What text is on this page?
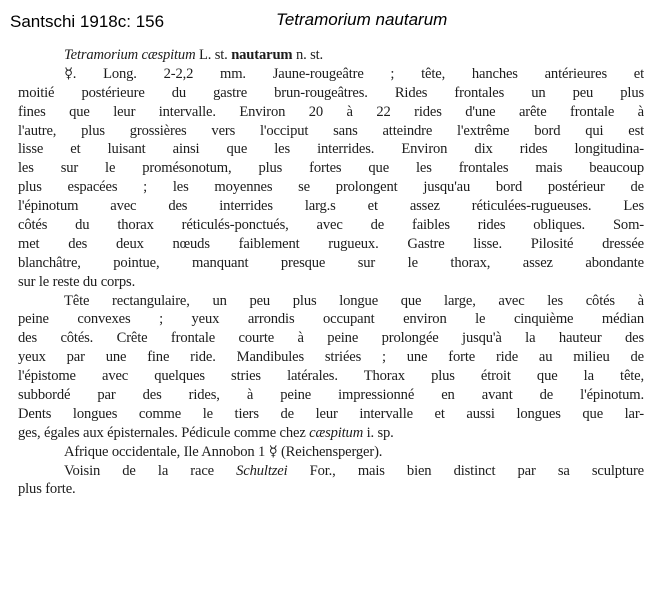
Santschi 1918c: 156	Tetramorium nautarum
Tetramorium cæspitum L. st. nautarum n. st.
☿. Long. 2-2,2 mm. Jaune-rougeâtre ; tête, hanches antérieures et
moitié postérieure du gastre brun-rougeâtres. Rides frontales un peu plus
fines que leur intervalle. Environ 20 à 22 rides d'une arête frontale à
l'autre, plus grossières vers l'occiput sans atteindre l'extrême bord qui est
lisse et luisant ainsi que les interrides. Environ dix rides longitudina-
les sur le promésonotum, plus fortes que les frontales mais beaucoup
plus espacées ; les moyennes se prolongent jusqu'au bord postérieur de
l'épinotum avec des interrides larg.s et assez réticulées-rugueuses. Les
côtés du thorax réticulés-ponctués, avec de faibles rides obliques. Som-
met des deux nœuds faiblement rugueux. Gastre lisse. Pilosité dressée
blanchâtre, pointue, manquant presque sur le thorax, assez abondante
sur le reste du corps.
Tête rectangulaire, un peu plus longue que large, avec les côtés à
peine convexes ; yeux arrondis occupant environ le cinquième médian
des côtés. Crête frontale courte à peine prolongée jusqu'à la hauteur des
yeux par une fine ride. Mandibules striées ; une forte ride au milieu de
l'épistome avec quelques stries latérales. Thorax plus étroit que la tête,
subbordé par des rides, à peine impressionné en avant de l'épinotum.
Dents longues comme le tiers de leur intervalle et aussi longues que lar-
ges, égales aux épisternales. Pédicule comme chez cæspitum i. sp.
Afrique occidentale, Ile Annobon 1 ☿ (Reichensperger).
Voisin de la race Schultzei For., mais bien distinct par sa sculpture
plus forte.
